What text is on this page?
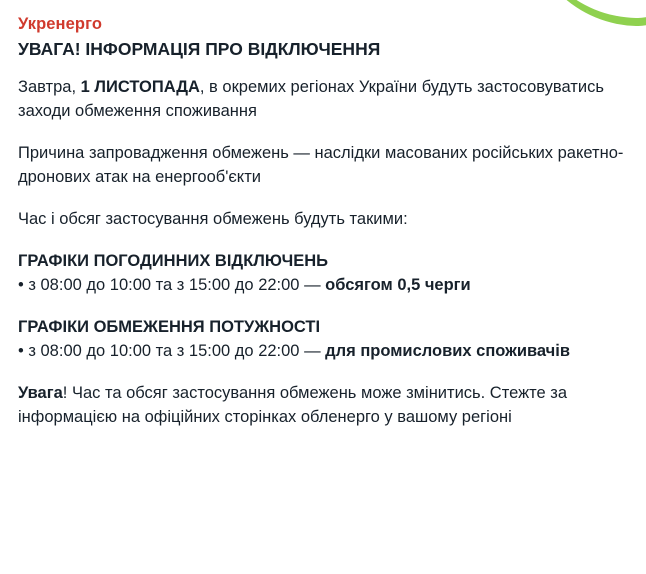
Укренерго
УВАГА! ІНФОРМАЦІЯ ПРО ВІДКЛЮЧЕННЯ

Завтра, 1 ЛИСТОПАДА, в окремих регіонах України будуть застосовуватись заходи обмеження споживання

Причина запровадження обмежень — наслідки масованих російських ракетно-дронових атак на енергооб'єкти

Час і обсяг застосування обмежень будуть такими:

ГРАФІКИ ПОГОДИННИХ ВІДКЛЮЧЕНЬ

• з 08:00 до 10:00 та з 15:00 до 22:00 — обсягом 0,5 черги

ГРАФІКИ ОБМЕЖЕННЯ ПОТУЖНОСТІ

• з 08:00 до 10:00 та з 15:00 до 22:00 — для промислових споживачів

Увага! Час та обсяг застосування обмежень може змінитись. Стежте за інформацією на офіційних сторінках обленерго у вашому регіоні
